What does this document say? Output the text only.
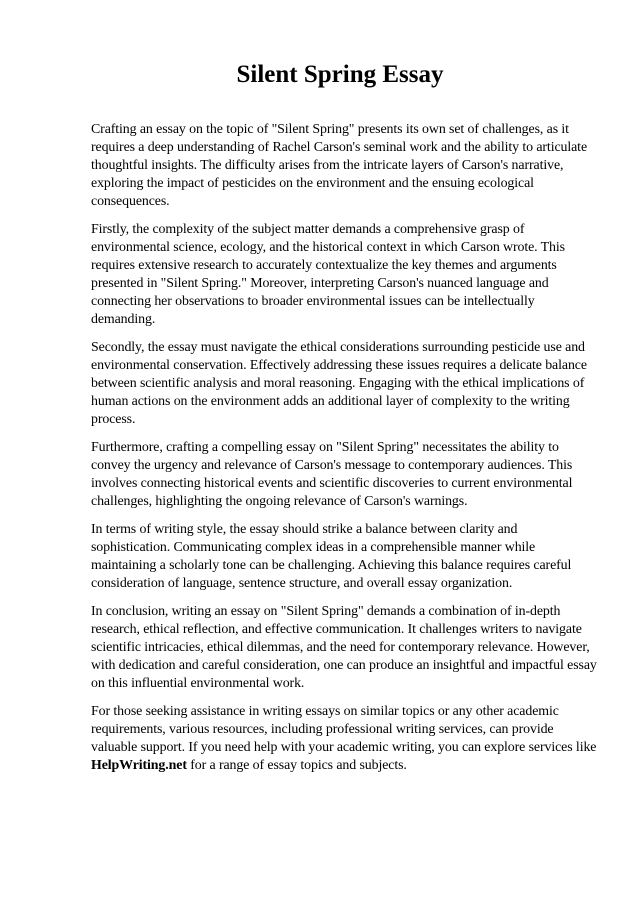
Silent Spring Essay

Crafting an essay on the topic of "Silent Spring" presents its own set of challenges, as it requires a deep understanding of Rachel Carson's seminal work and the ability to articulate thoughtful insights. The difficulty arises from the intricate layers of Carson's narrative, exploring the impact of pesticides on the environment and the ensuing ecological consequences.

Firstly, the complexity of the subject matter demands a comprehensive grasp of environmental science, ecology, and the historical context in which Carson wrote. This requires extensive research to accurately contextualize the key themes and arguments presented in "Silent Spring." Moreover, interpreting Carson's nuanced language and connecting her observations to broader environmental issues can be intellectually demanding.

Secondly, the essay must navigate the ethical considerations surrounding pesticide use and environmental conservation. Effectively addressing these issues requires a delicate balance between scientific analysis and moral reasoning. Engaging with the ethical implications of human actions on the environment adds an additional layer of complexity to the writing process.

Furthermore, crafting a compelling essay on "Silent Spring" necessitates the ability to convey the urgency and relevance of Carson's message to contemporary audiences. This involves connecting historical events and scientific discoveries to current environmental challenges, highlighting the ongoing relevance of Carson's warnings.

In terms of writing style, the essay should strike a balance between clarity and sophistication. Communicating complex ideas in a comprehensible manner while maintaining a scholarly tone can be challenging. Achieving this balance requires careful consideration of language, sentence structure, and overall essay organization.

In conclusion, writing an essay on "Silent Spring" demands a combination of in-depth research, ethical reflection, and effective communication. It challenges writers to navigate scientific intricacies, ethical dilemmas, and the need for contemporary relevance. However, with dedication and careful consideration, one can produce an insightful and impactful essay on this influential environmental work.

For those seeking assistance in writing essays on similar topics or any other academic requirements, various resources, including professional writing services, can provide valuable support. If you need help with your academic writing, you can explore services like
HelpWriting.net for a range of essay topics and subjects.
